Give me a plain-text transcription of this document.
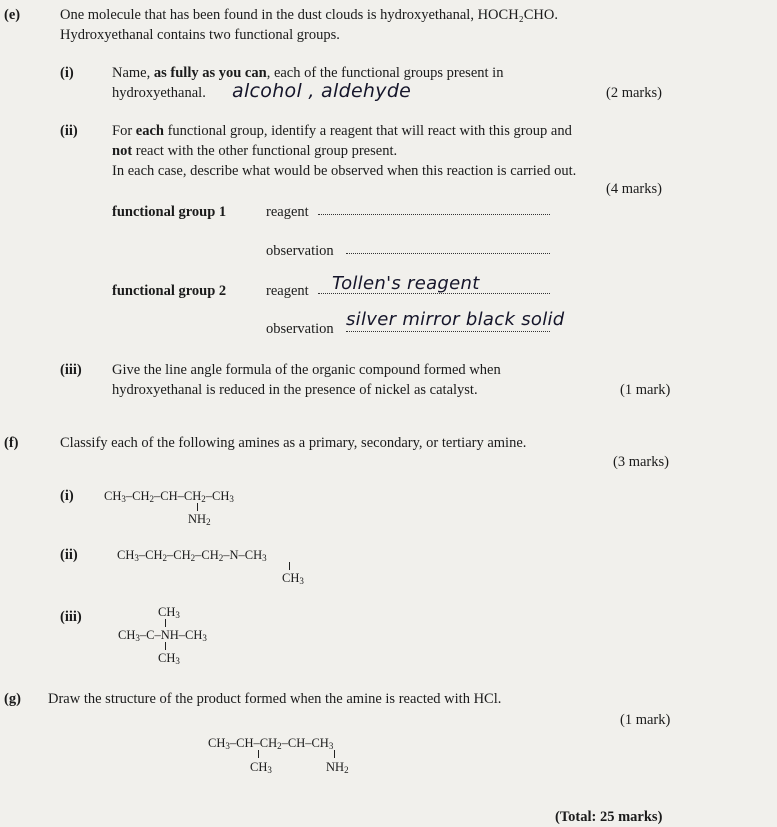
(e)	One molecule that has been found in the dust clouds is hydroxyethanal, HOCH₂CHO.
Hydroxyethanal contains two functional groups.
(i)	Name, as fully as you can, each of the functional groups present in
hydroxyethanal. alcohol , aldehyde	(2 marks)
(ii) For each functional group, identify a reagent that will react with this group and
not react with the other functional group present.
In each case, describe what would be observed when this reaction is carried out.
(4 marks)
functional group 1	reagent
observation
functional group 2	reagent Tollen's reagent
observation silver mirror black solid
(iii) Give the line angle formula of the organic compound formed when
hydroxyethanal is reduced in the presence of nickel as catalyst.	(1 mark)
(f)	Classify each of the following amines as a primary, secondary, or tertiary amine.
(3 marks)
(i) $CH_3-CH_2-CH-CH_2-CH_3$
$NH_2$
(ii)	$CH_3-CH_2-CH_2-CH_2-N-CH_3$
$CH_3$
(iii)	$CH_3$
$CH_3-C-NH-CH_3$
$CH_3$
(g) Draw the structure of the product formed when the amine is reacted with HCl.
(1 mark)
$CH_3-CH-CH_2-CH-CH_3$
$CH_3$	$NH_2$
(Total: 25 marks)
